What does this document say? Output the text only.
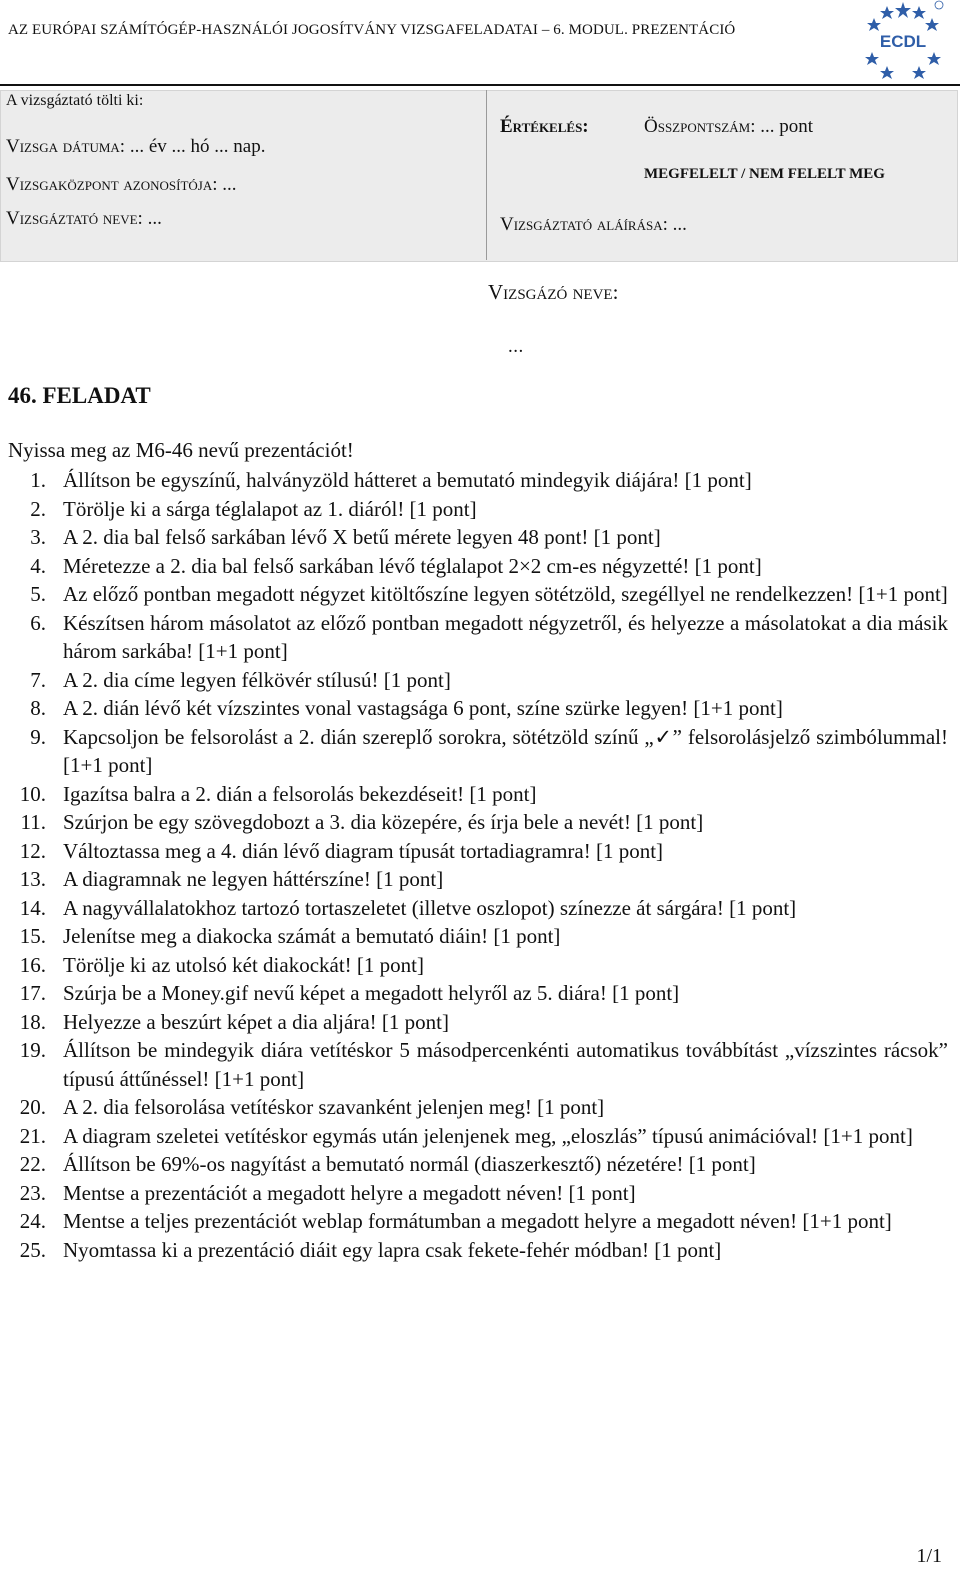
AZ EURÓPAI SZÁMÍTÓGÉP-HASZNÁLÓI JOGOSÍTVÁNY VIZSGAFELADATAI – 6. MODUL. PREZENTÁCIÓ
ECDL
A vizsgáztató tölti ki:
Vizsga dátuma: ... év ... hó ... nap.
Vizsgaközpont azonosítója: ...
Vizsgáztató neve: ...
Értékelés:	Összpontszám: ... pont
MEGFELELT / NEM FELELT MEG
Vizsgáztató aláírása: ...
Vizsgázó neve:
...
46. FELADAT
Nyissa meg az M6-46 nevű prezentációt!
1. Állítson be egyszínű, halványzöld hátteret a bemutató mindegyik diájára! [1 pont]
2. Törölje ki a sárga téglalapot az 1. diáról! [1 pont]
3. A 2. dia bal felső sarkában lévő X betű mérete legyen 48 pont! [1 pont]
4. Méretezze a 2. dia bal felső sarkában lévő téglalapot 2×2 cm-es négyzetté! [1 pont]
5. Az előző pontban megadott négyzet kitöltőszíne legyen sötétzöld, szegéllyel ne rendelkezzen! [1+1 pont]
6. Készítsen három másolatot az előző pontban megadott négyzetről, és helyezze a másolatokat a dia másik három sarkába! [1+1 pont]
7. A 2. dia címe legyen félkövér stílusú! [1 pont]
8. A 2. dián lévő két vízszintes vonal vastagsága 6 pont, színe szürke legyen! [1+1 pont]
9. Kapcsoljon be felsorolást a 2. dián szereplő sorokra, sötétzöld színű „✓” felsorolásjelző szimbólummal! [1+1 pont]
10. Igazítsa balra a 2. dián a felsorolás bekezdéseit! [1 pont]
11. Szúrjon be egy szövegdobozt a 3. dia közepére, és írja bele a nevét! [1 pont]
12. Változtassa meg a 4. dián lévő diagram típusát tortadiagramra! [1 pont]
13. A diagramnak ne legyen háttérszíne! [1 pont]
14. A nagyvállalatokhoz tartozó tortaszeletet (illetve oszlopot) színezze át sárgára! [1 pont]
15. Jelenítse meg a diakocka számát a bemutató diáin! [1 pont]
16. Törölje ki az utolsó két diakockát! [1 pont]
17. Szúrja be a Money.gif nevű képet a megadott helyről az 5. diára! [1 pont]
18. Helyezze a beszúrt képet a dia aljára! [1 pont]
19. Állítson be mindegyik diára vetítéskor 5 másodpercenkénti automatikus továbbítást „vízszintes rácsok” típusú áttűnéssel! [1+1 pont]
20. A 2. dia felsorolása vetítéskor szavanként jelenjen meg! [1 pont]
21. A diagram szeletei vetítéskor egymás után jelenjenek meg, „eloszlás” típusú animációval! [1+1 pont]
22. Állítson be 69%-os nagyítást a bemutató normál (diaszerkesztő) nézetére! [1 pont]
23. Mentse a prezentációt a megadott helyre a megadott néven! [1 pont]
24. Mentse a teljes prezentációt weblap formátumban a megadott helyre a megadott néven! [1+1 pont]
25. Nyomtassa ki a prezentáció diáit egy lapra csak fekete-fehér módban! [1 pont]
1/1
